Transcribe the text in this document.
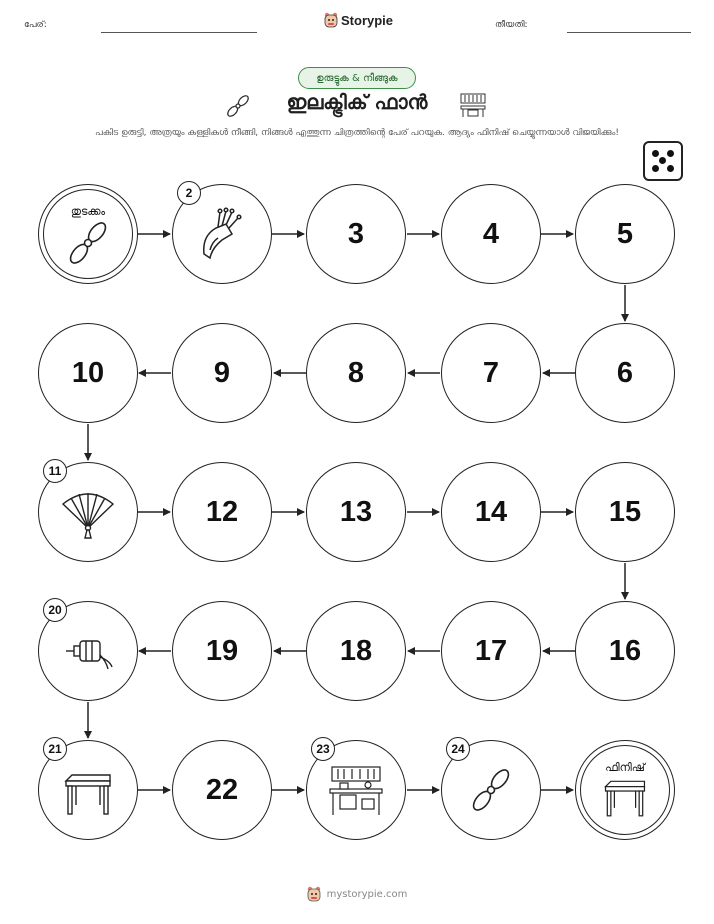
പേര്:	Storypie	തീയതി:
ഉരുട്ടുക & നീങ്ങുക
ഇലക്ട്രിക് ഫാൻ
പകിട ഉരുട്ടി, അത്രയും കള്ളികൾ നീങ്ങി, നിങ്ങൾ എത്തുന്ന ചിത്രത്തിന്റെ പേര് പറയുക. ആദ്യം ഫിനിഷ് ചെയ്യുന്നയാൾ വിജയിക്കും!
തുടക്കം
2
3	4	5
10	9	8	7	6
11
12	13	14	15
20
19	18	17	16
21
22
23	24
ഫിനിഷ്
mystorypie.com
